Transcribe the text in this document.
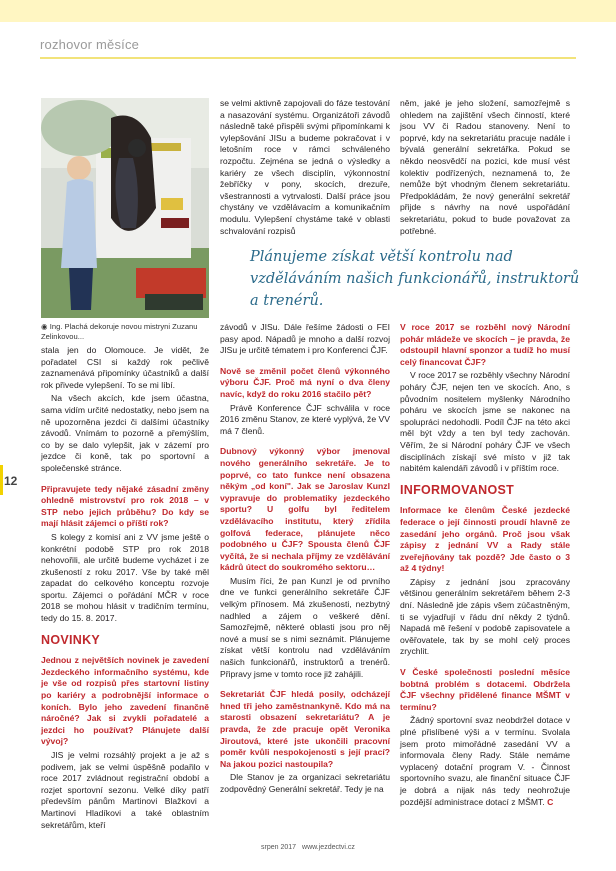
rozhovor měsíce
12
◉ Ing. Plachá dekoruje novou mistryni Zuzanu Zelinkovou...

stala jen do Olomouce. Je vidět, že pořadatel CSI si každý rok pečlivě zaznamenává připomínky účastníků a další rok přivede vylepšení. To se mi líbí.

Na všech akcích, kde jsem účastna, sama vidím určité nedostatky, nebo jsem na ně upozorněna jezdci či dalšími účastníky závodů. Vnímám to pozorně a přemýšlím, co by se dalo vylepšit, jak v zázemí pro jezdce či koně, tak po sportovní a společenské stránce.

Připravujete tedy nějaké zásadní změny ohledně mistrovství pro rok 2018 – v STP nebo jejich průběhu? Do kdy se mají hlásit zájemci o příští rok?

S kolegy z komisí ani z VV jsme ještě o konkrétní podobě STP pro rok 2018 nehovořili, ale určitě budeme vycházet i ze zkušeností z roku 2017. Vše by také měl zapadat do celkového konceptu rozvoje sportu. Zájemci o pořádání MČR v roce 2018 se mohou hlásit v tradičním termínu, tedy do 15. 8. 2017.

NOVINKY

Jednou z největších novinek je zavedení Jezdeckého informačního systému, kde je vše od rozpisů přes startovní listiny po kariéry a podrobnější informace o koních. Bylo jeho zavedení finančně náročné? Jak si zvykli pořadatelé a jezdci ho používat? Plánujete další vývoj?

JIS je velmi rozsáhlý projekt a je až s podivem, jak se velmi úspěšně podařilo v roce 2017 zvládnout registrační období a rozjet sportovní sezonu. Velké díky patří především pánům Martinovi Blažkovi a Martinovi Hladíkovi a také oblastním sekretářům, kteří

se velmi aktivně zapojovali do fáze testování a nasazování systému. Organizátoři závodů následně také přispěli svými připomínkami k vylepšování JISu a budeme pokračovat i v letošním roce v rámci schváleného rozpočtu. Zejména se jedná o výsledky a kariéry ze všech disciplín, výkonnostní žebříčky v pony, skocích, drezuře, všestrannosti a vytrvalosti. Další práce jsou chystány ve vzdělávacím a komunikačním modulu. Vylepšení chystáme také v oblasti schvalování rozpisů

Plánujeme získat větší kontrolu nad vzděláváním našich funkcionářů, instruktorů a trenérů.

závodů v JISu. Dále řešíme žádosti o FEI pasy apod. Nápadů je mnoho a další rozvoj JISu je určitě tématem i pro Konferenci ČJF.

Nově se změnil počet členů výkonného výboru ČJF. Proč má nyní o dva členy navíc, když do roku 2016 stačilo pět?

Právě Konference ČJF schválila v roce 2016 změnu Stanov, ze které vyplývá, že VV má 7 členů.

Dubnový výkonný výbor jmenoval nového generálního sekretáře. Je to poprvé, co tato funkce není obsazena někým „od koní". Jak se Jaroslav Kunzl vypravuje do problematiky jezdeckého sportu? U golfu byl ředitelem vzdělávacího institutu, který zřídila golfová federace, plánujete něco podobného u ČJF? Spousta členů ČJF vyčítá, že si nechala příjmy ze vzdělávání kádrů útect do soukromého sektoru…

Musím říci, že pan Kunzl je od prvního dne ve funkci generálního sekretáře ČJF velkým přínosem. Má zkušenosti, nezbytný nadhled a zájem o veškeré dění. Samozřejmě, některé oblasti jsou pro něj nové a musí se s nimi seznámit. Plánujeme získat větší kontrolu nad vzděláváním našich funkcionářů, instruktorů a trenérů. Připravy jsme v tomto roce již zahájili.

Sekretariát ČJF hledá posily, odcházejí hned tři jeho zaměstnankyně. Kdo má na starosti obsazení sekretariátu? A je pravda, že zde pracuje opět Veronika Jiroutová, které jste ukončili pracovní poměr kvůli nespokojenosti s její prací? Na jakou pozici nastoupila?

Dle Stanov je za organizaci sekretariátu zodpovědný Generální sekretář. Tedy je na

něm, jaké je jeho složení, samozřejmě s ohledem na zajištění všech činností, které jsou VV či Radou stanoveny. Není to poprvé, kdy na sekretariátu pracuje nadále i bývalá generální sekretářka. Pokud se někdo neosvědčí na pozici, kde musí vést kolektiv podřízených, neznamená to, že nemůže být vhodným členem sekretariátu. Předpokládám, že nový generální sekretář přijde s návrhy na nové uspořádání sekretariátu, pokud to bude považovat za potřebné.

V roce 2017 se rozběhl nový Národní pohár mládeže ve skocích – je pravda, že odstoupil hlavní sponzor a tudíž ho musí celý financovat ČJF?

V roce 2017 se rozběhly všechny Národní poháry ČJF, nejen ten ve skocích. Ano, s původním nositelem myšlenky Národního poháru ve skocích jsme se nakonec na spolupráci nedohodli. Podíl ČJF na této akci měl být vždy a ten byl tedy zachován. Věřím, že si Národní poháry ČJF ve všech disciplínách získají své místo v již tak nabitém kalendáři závodů i v příštím roce.

INFORMOVANOST

Informace ke členům České jezdecké federace o její činnosti proudí hlavně ze zasedání jeho orgánů. Proč jsou však zápisy z jednání VV a Rady stále zveřejňovány tak pozdě? Jde často o 3 až 4 týdny!

Zápisy z jednání jsou zpracovány většinou generálním sekretářem během 2-3 dní. Následně jde zápis všem zúčastněným, ti se vyjadřují v řádu dní někdy 2 týdnů. Napadá mě řešení v podobě zapisovatele a ověřovatele, tak by se mohl celý proces zrychlit.

V České společnosti poslední měsíce bobtná problém s dotacemi. Obdržela ČJF všechny přidělené finance MŠMT v termínu?

Žádný sportovní svaz neobdržel dotace v plné přislíbené výši a v termínu. Svolala jsem proto mimořádné zasedání VV a informovala členy Rady. Stále nemáme vyplacený dotační program V. - Činnost sportovního svazu, ale finanční situace ČJF je dobrá a nijak nás tedy neohrožuje pozdější administrace dotací z MŠMT. C

srpen 2017 www.jezdectvi.cz
